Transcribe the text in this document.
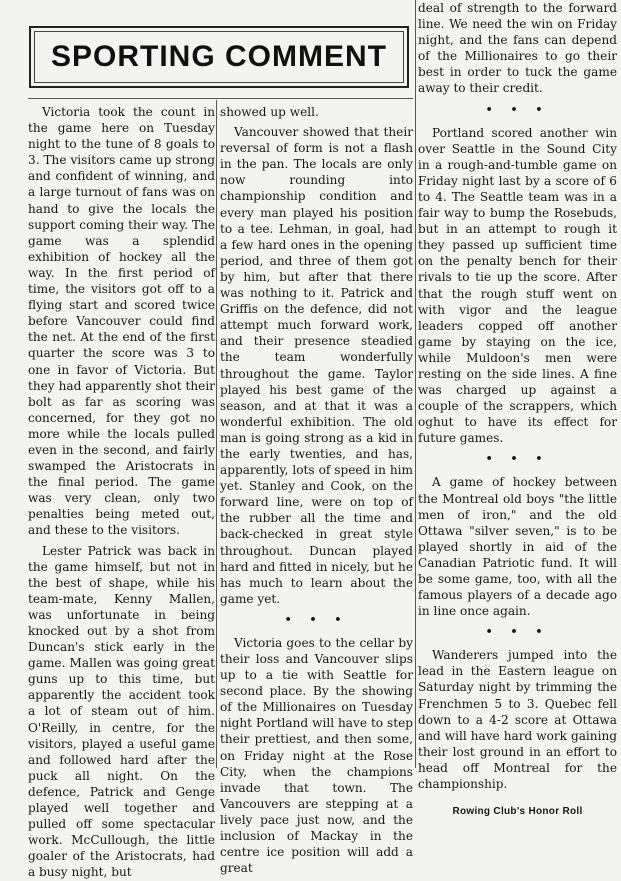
SPORTING COMMENT

Victoria took the count in the game here on Tuesday night to the tune of 8 goals to 3. The visitors came up strong and confident of winning, and a large turnout of fans was on hand to give the locals the support coming their way. The game was a splendid exhibition of hockey all the way. In the first period of time, the visitors got off to a flying start and scored twice before Vancouver could find the net. At the end of the first quarter the score was 3 to one in favor of Victoria. But they had apparently shot their bolt as far as scoring was concerned, for they got no more while the locals pulled even in the second, and fairly swamped the Aristocrats in the final period. The game was very clean, only two penalties being meted out, and these to the visitors.

Lester Patrick was back in the game himself, but not in the best of shape, while his team-mate, Kenny Mallen, was unfortunate in being knocked out by a shot from Duncan's stick early in the game. Mallen was going great guns up to this time, but apparently the accident took a lot of steam out of him. O'Reilly, in centre, for the visitors, played a useful game and followed hard after the puck all night. On the defence, Patrick and Genge played well together and pulled off some spectacular work. McCullough, the little goaler of the Aristocrats, had a busy night, but

showed up well.

Vancouver showed that their reversal of form is not a flash in the pan. The locals are only now rounding into championship condition and every man played his position to a tee. Lehman, in goal, had a few hard ones in the opening period, and three of them got by him, but after that there was nothing to it. Patrick and Griffis on the defence, did not attempt much forward work, and their presence steadied the team wonderfully throughout the game. Taylor played his best game of the season, and at that it was a wonderful exhibition. The old man is going strong as a kid in the early twenties, and has, apparently, lots of speed in him yet. Stanley and Cook, on the forward line, were on top of the rubber all the time and back-checked in great style throughout. Duncan played hard and fitted in nicely, but he has much to learn about the game yet.

• • •

Victoria goes to the cellar by their loss and Vancouver slips up to a tie with Seattle for second place. By the showing of the Millionaires on Tuesday night Portland will have to step their prettiest, and then some, on Friday night at the Rose City, when the champions invade that town. The Vancouvers are stepping at a lively pace just now, and the inclusion of Mackay in the centre ice position will add a great

deal of strength to the forward line. We need the win on Friday night, and the fans can depend of the Millionaires to go their best in order to tuck the game away to their credit.

• • •

Portland scored another win over Seattle in the Sound City in a rough-and-tumble game on Friday night last by a score of 6 to 4. The Seattle team was in a fair way to bump the Rosebuds, but in an attempt to rough it they passed up sufficient time on the penalty bench for their rivals to tie up the score. After that the rough stuff went on with vigor and the league leaders copped off another game by staying on the ice, while Muldoon's men were resting on the side lines. A fine was charged up against a couple of the scrappers, which oghut to have its effect for future games.

• • •

A game of hockey between the Montreal old boys "the little men of iron," and the old Ottawa "silver seven," is to be played shortly in aid of the Canadian Patriotic fund. It will be some game, too, with all the famous players of a decade ago in line once again.

• • •

Wanderers jumped into the lead in the Eastern league on Saturday night by trimming the Frenchmen 5 to 3. Quebec fell down to a 4-2 score at Ottawa and will have hard work gaining their lost ground in an effort to head off Montreal for the championship.

Rowing Club's Honor Roll
